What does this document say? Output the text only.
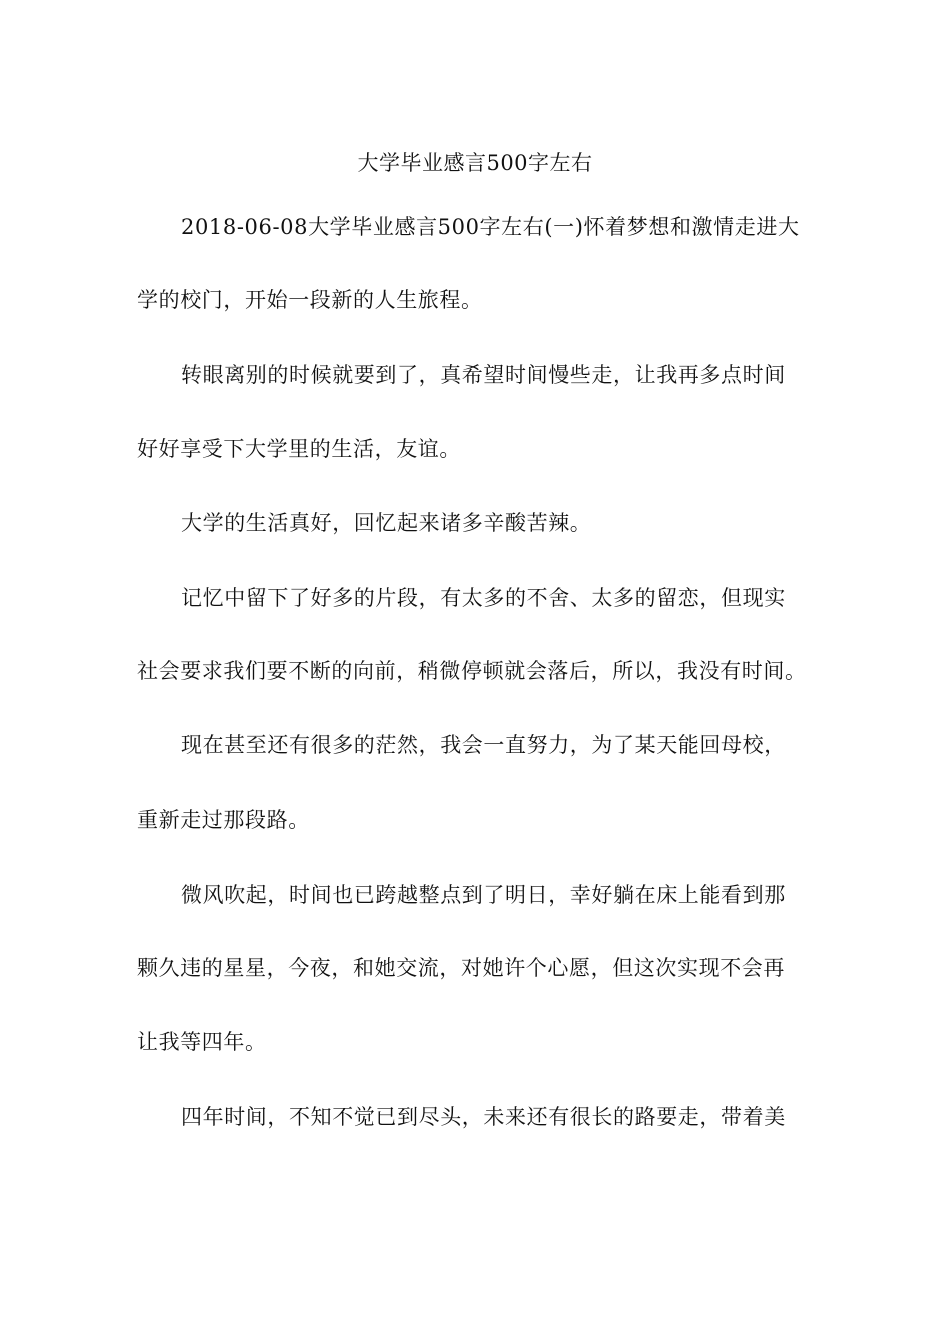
大学毕业感言500字左右
2018-06-08大学毕业感言500字左右(一)怀着梦想和激情走进大
学的校门，开始一段新的人生旅程。
转眼离别的时候就要到了，真希望时间慢些走，让我再多点时间
好好享受下大学里的生活，友谊。
大学的生活真好，回忆起来诸多辛酸苦辣。
记忆中留下了好多的片段，有太多的不舍、太多的留恋，但现实
社会要求我们要不断的向前，稍微停顿就会落后，所以，我没有时间。
现在甚至还有很多的茫然，我会一直努力，为了某天能回母校，
重新走过那段路。
微风吹起，时间也已跨越整点到了明日，幸好躺在床上能看到那
颗久违的星星，今夜，和她交流，对她许个心愿，但这次实现不会再
让我等四年。
四年时间，不知不觉已到尽头，未来还有很长的路要走，带着美
